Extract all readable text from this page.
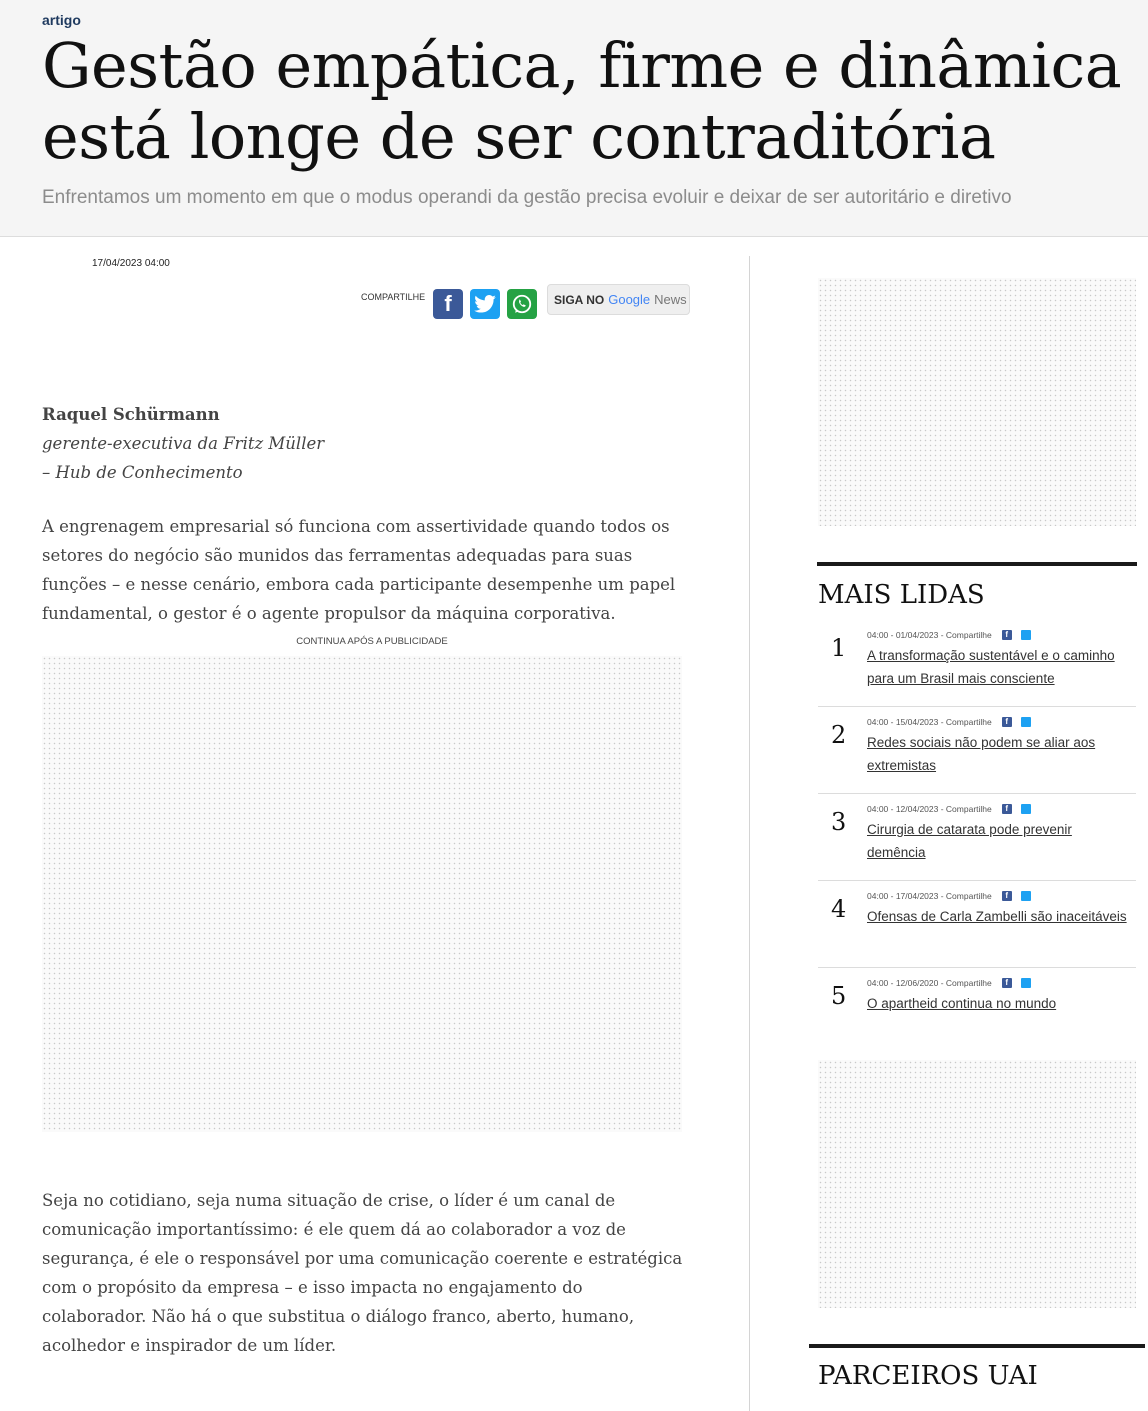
artigo
Gestão empática, firme e dinâmica está longe de ser contraditória
Enfrentamos um momento em que o modus operandi da gestão precisa evoluir e deixar de ser autoritário e diretivo
17/04/2023 04:00
COMPARTILHE f	SIGA NO Google News
Raquel Schürmann
gerente-executiva da Fritz Müller
– Hub de Conhecimento

A engrenagem empresarial só funciona com assertividade quando todos os setores do negócio são munidos das ferramentas adequadas para suas funções – e nesse cenário, embora cada participante desempenhe um papel fundamental, o gestor é o agente propulsor da máquina corporativa.

CONTINUA APÓS A PUBLICIDADE

Seja no cotidiano, seja numa situação de crise, o líder é um canal de comunicação importantíssimo: é ele quem dá ao colaborador a voz de segurança, é ele o responsável por uma comunicação coerente e estratégica com o propósito da empresa – e isso impacta no engajamento do colaborador. Não há o que substitua o diálogo franco, aberto, humano, acolhedor e inspirador de um líder.

MAIS LIDAS
1 04:00 - 01/04/2023 - Compartilhe	f
A transformação sustentável e o caminho para um Brasil mais consciente
2 04:00 - 15/04/2023 - Compartilhe	f
Redes sociais não podem se aliar aos extremistas
3 04:00 - 12/04/2023 - Compartilhe	f
Cirurgia de catarata pode prevenir demência
4 04:00 - 17/04/2023 - Compartilhe	f
Ofensas de Carla Zambelli são inaceitáveis
5 04:00 - 12/06/2020 - Compartilhe	f
O apartheid continua no mundo
PARCEIROS UAI
